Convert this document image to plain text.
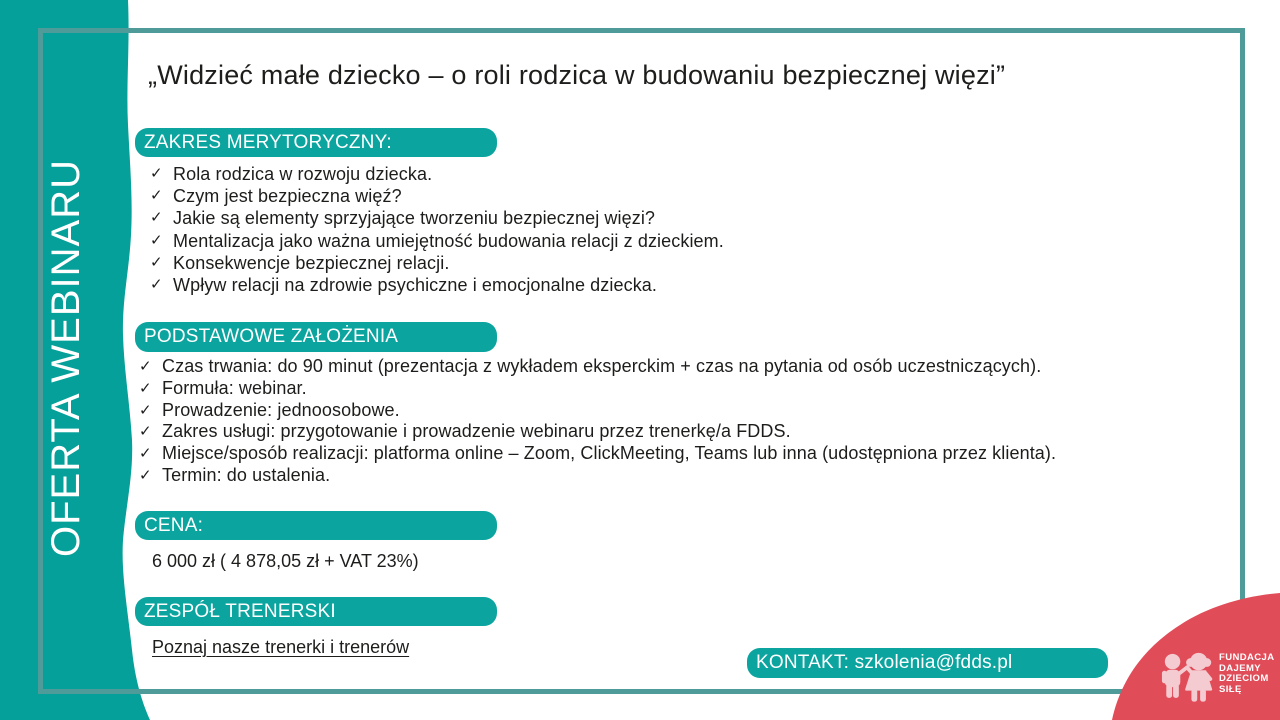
OFERTA WEBINARU
„Widzieć małe dziecko – o roli rodzica w budowaniu bezpiecznej więzi”
ZAKRES MERYTORYCZNY:
✓ Rola rodzica w rozwoju dziecka.
✓ Czym jest bezpieczna więź?
✓ Jakie są elementy sprzyjające tworzeniu bezpiecznej więzi?
✓ Mentalizacja jako ważna umiejętność budowania relacji z dzieckiem.
✓ Konsekwencje bezpiecznej relacji.
✓ Wpływ relacji na zdrowie psychiczne i emocjonalne dziecka.
PODSTAWOWE ZAŁOŻENIA
✓ Czas trwania: do 90 minut (prezentacja z wykładem eksperckim + czas na pytania od osób uczestniczących).
✓ Formuła: webinar.
✓ Prowadzenie: jednoosobowe.
✓ Zakres usługi: przygotowanie i prowadzenie webinaru przez trenerkę/a FDDS.
✓ Miejsce/sposób realizacji: platforma online – Zoom, ClickMeeting, Teams lub inna (udostępniona przez klienta).
✓ Termin: do ustalenia.
CENA:
6 000 zł ( 4 878,05 zł + VAT 23%)
ZESPÓŁ TRENERSKI
Poznaj nasze trenerki i trenerów
KONTAKT: szkolenia@fdds.pl	FUNDACJA
DAJEMY
DZIECIOM
SIŁĘ
